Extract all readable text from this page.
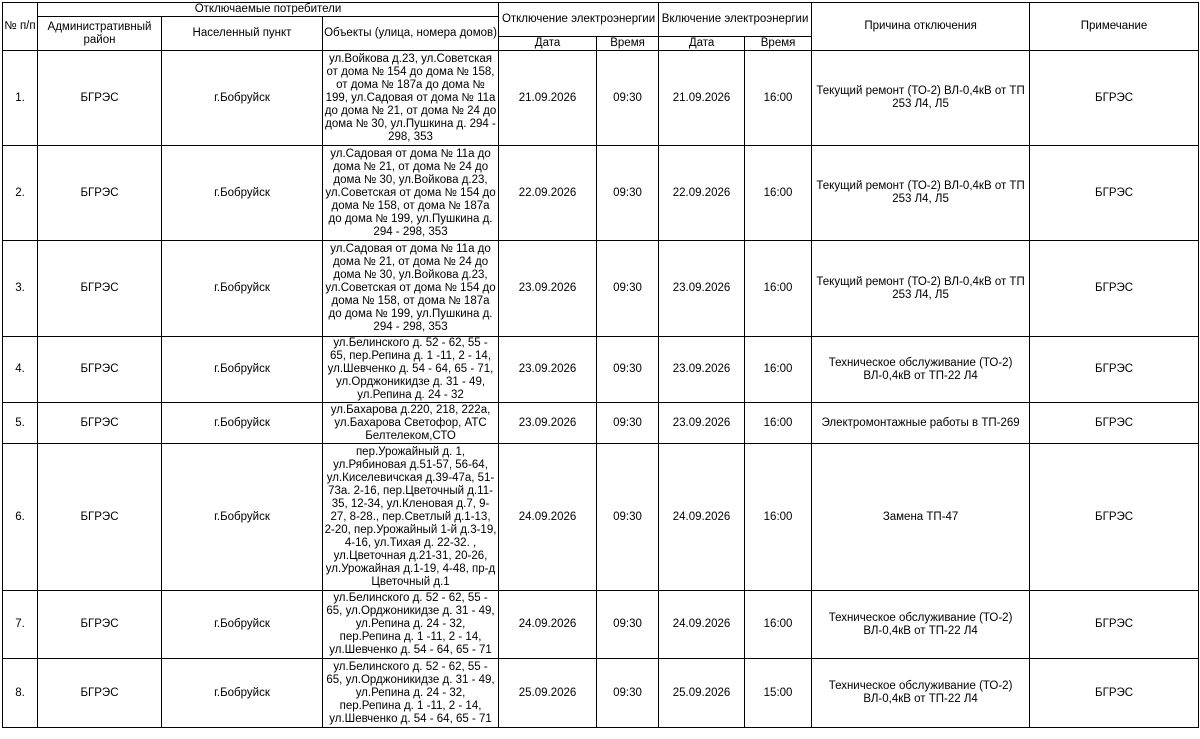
№ п/п	Отключаемые потребители			Отключение электроэнергии		Включение электроэнергии		Причина отключения	Примечание
	Административный район	Населенный пункт	Объекты (улица, номера домов)						
				Дата	Время	Дата	Время		
1.	БГРЭС	г.Бобруйск	ул.Войкова д.23, ул.Советская от дома № 154 до дома № 158, от дома № 187а до дома № 199, ул.Садовая от дома № 11а до дома № 21, от дома № 24 до дома № 30, ул.Пушкина д. 294 - 298, 353	21.09.2026	09:30	21.09.2026	16:00	Текущий ремонт (ТО-2) ВЛ-0,4кВ от ТП 253 Л4, Л5	БГРЭС
2.	БГРЭС	г.Бобруйск	ул.Садовая от дома № 11а до дома № 21, от дома № 24 до дома № 30, ул.Войкова д.23, ул.Советская от дома № 154 до дома № 158, от дома № 187а до дома № 199, ул.Пушкина д. 294 - 298, 353	22.09.2026	09:30	22.09.2026	16:00	Текущий ремонт (ТО-2) ВЛ-0,4кВ от ТП 253 Л4, Л5	БГРЭС
3.	БГРЭС	г.Бобруйск	ул.Садовая от дома № 11а до дома № 21, от дома № 24 до дома № 30, ул.Войкова д.23, ул.Советская от дома № 154 до дома № 158, от дома № 187а до дома № 199, ул.Пушкина д. 294 - 298, 353	23.09.2026	09:30	23.09.2026	16:00	Текущий ремонт (ТО-2) ВЛ-0,4кВ от ТП 253 Л4, Л5	БГРЭС
4.	БГРЭС	г.Бобруйск	ул.Белинского д. 52 - 62, 55 - 65, пер.Репина д. 1 -11, 2 - 14, ул.Шевченко д. 54 - 64, 65 - 71, ул.Орджоникидзе д. 31 - 49, ул.Репина д. 24 - 32	23.09.2026	09:30	23.09.2026	16:00	Техническое обслуживание (ТО-2) ВЛ-0,4кВ от ТП-22 Л4	БГРЭС
5.	БГРЭС	г.Бобруйск	ул.Бахарова д.220, 218, 222а, ул.Бахарова Светофор, АТС Белтелеком,СТО	23.09.2026	09:30	23.09.2026	16:00	Электромонтажные работы в ТП-269	БГРЭС
6.	БГРЭС	г.Бобруйск	пер.Урожайный д. 1, ул.Рябиновая д.51-57, 56-64, ул.Киселевичская д.39-47а, 51-73а. 2-16, пер.Цветочный д.11-35, 12-34, ул.Кленовая д.7, 9-27, 8-28., пер.Светлый д.1-13, 2-20, пер.Урожайный 1-й д.3-19, 4-16, ул.Тихая д. 22-32. , ул.Цветочная д.21-31, 20-26, ул.Урожайная д.1-19, 4-48, пр-д Цветочный д.1	24.09.2026	09:30	24.09.2026	16:00	Замена ТП-47	БГРЭС
7.	БГРЭС	г.Бобруйск	ул.Белинского д. 52 - 62, 55 - 65, ул.Орджоникидзе д. 31 - 49, ул.Репина д. 24 - 32, пер.Репина д. 1 -11, 2 - 14, ул.Шевченко д. 54 - 64, 65 - 71	24.09.2026	09:30	24.09.2026	16:00	Техническое обслуживание (ТО-2) ВЛ-0,4кВ от ТП-22 Л4	БГРЭС
8.	БГРЭС	г.Бобруйск	ул.Белинского д. 52 - 62, 55 - 65, ул.Орджоникидзе д. 31 - 49, ул.Репина д. 24 - 32, пер.Репина д. 1 -11, 2 - 14, ул.Шевченко д. 54 - 64, 65 - 71	25.09.2026	09:30	25.09.2026	15:00	Техническое обслуживание (ТО-2) ВЛ-0,4кВ от ТП-22 Л4	БГРЭС
